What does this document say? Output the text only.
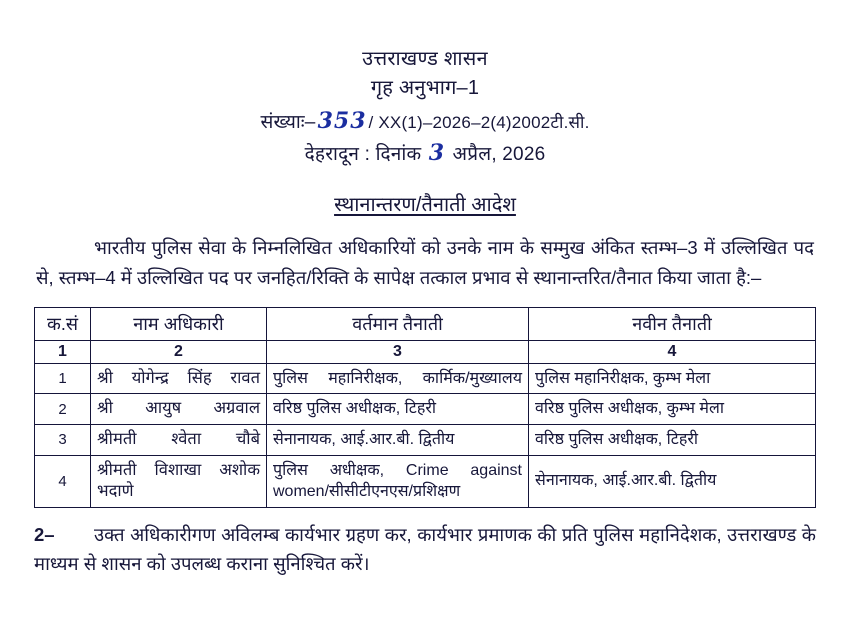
उत्तराखण्ड शासन
गृह अनुभाग–1
संख्याः–353 / XX(1)–2026–2(4)2002टी.सी.
देहरादून : दिनांक 3 अप्रैल, 2026
स्थानान्तरण/तैनाती आदेश

भारतीय पुलिस सेवा के निम्नलिखित अधिकारियों को उनके नाम के सम्मुख अंकित स्तम्भ–3 में उल्लिखित पद से, स्तम्भ–4 में उल्लिखित पद पर जनहित/रिक्ति के सापेक्ष तत्काल प्रभाव से स्थानान्तरित/तैनात किया जाता है:–

क.सं	नाम अधिकारी	वर्तमान तैनाती	नवीन तैनाती
1	2	3	4
1	श्री योगेन्द्र सिंह रावत	पुलिस महानिरीक्षक, कार्मिक/मुख्यालय	पुलिस महानिरीक्षक, कुम्भ मेला
2	श्री आयुष अग्रवाल	वरिष्ठ पुलिस अधीक्षक, टिहरी	वरिष्ठ पुलिस अधीक्षक, कुम्भ मेला
3	श्रीमती श्वेता चौबे	सेनानायक, आई.आर.बी. द्वितीय	वरिष्ठ पुलिस अधीक्षक, टिहरी
4	श्रीमती विशाखा अशोक भदाणे	पुलिस अधीक्षक, Crime against women/सीसीटीएनएस/प्रशिक्षण	सेनानायक, आई.आर.बी. द्वितीय

2– उक्त अधिकारीगण अविलम्ब कार्यभार ग्रहण कर, कार्यभार प्रमाणक की प्रति पुलिस महानिदेशक, उत्तराखण्ड के माध्यम से शासन को उपलब्ध कराना सुनिश्चित करें।
